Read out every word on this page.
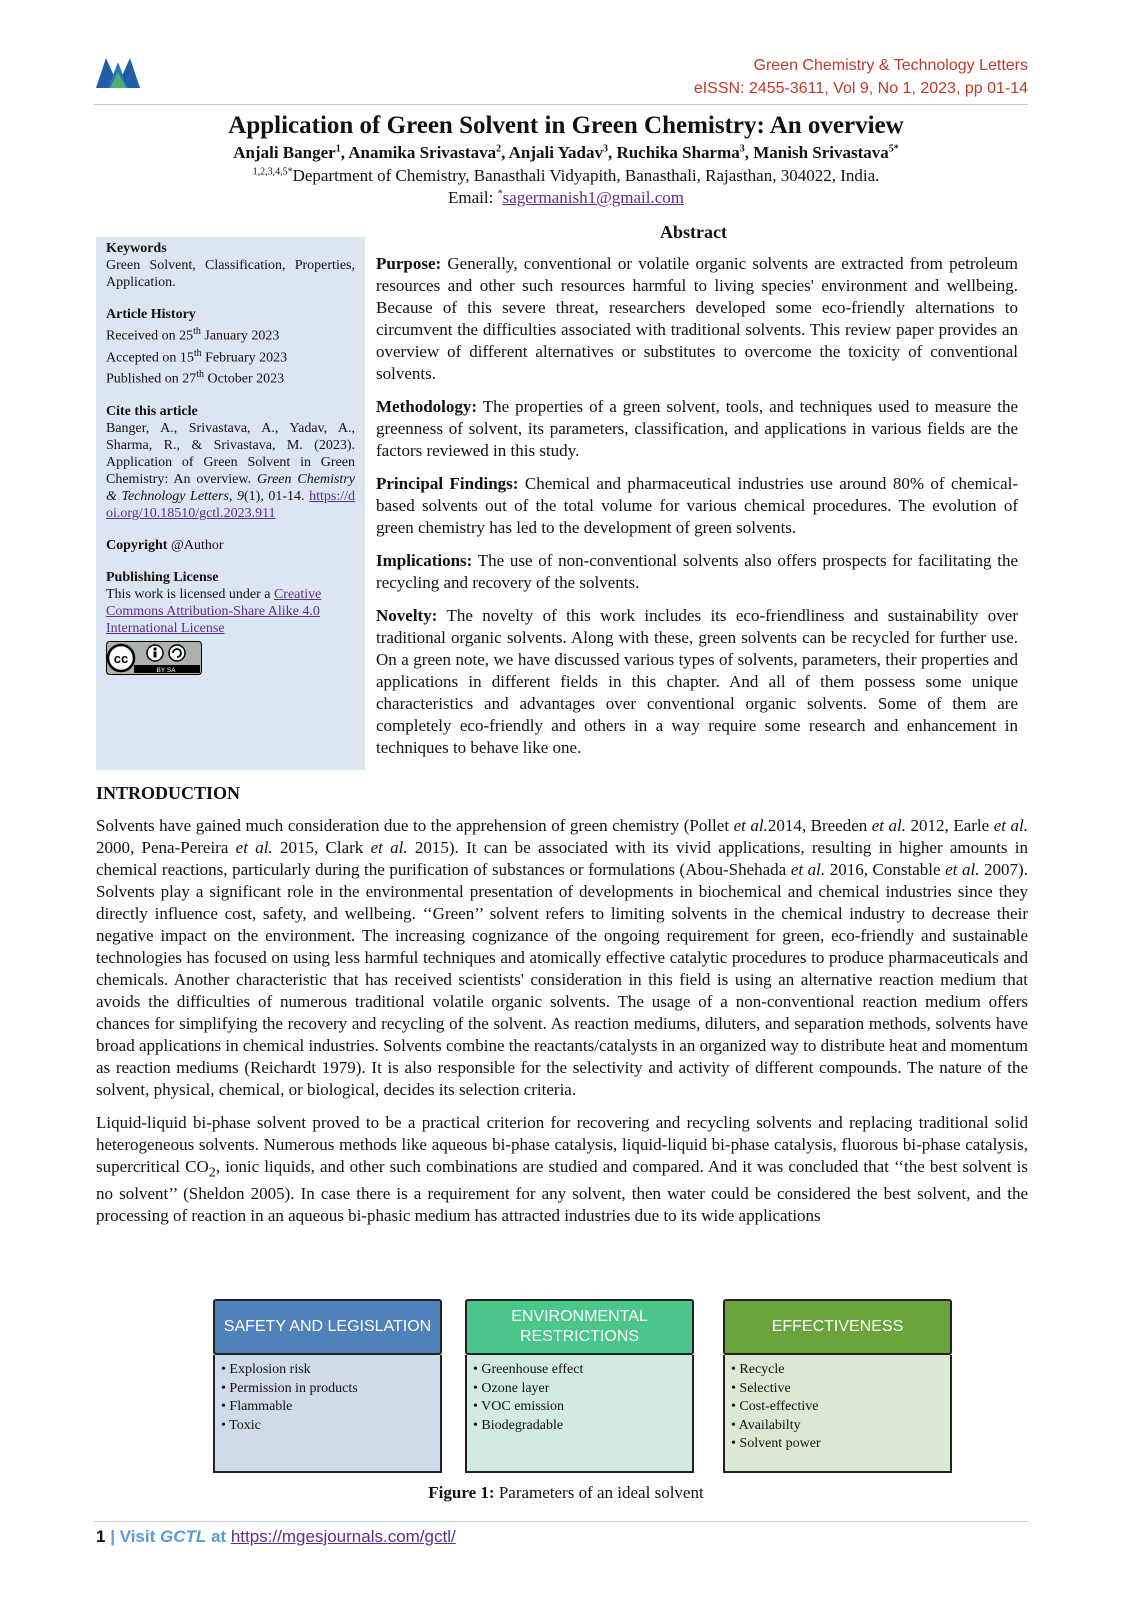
Green Chemistry & Technology Letters
eISSN: 2455-3611, Vol 9, No 1, 2023, pp 01-14
Application of Green Solvent in Green Chemistry: An overview
Anjali Banger$^1$, Anamika Srivastava$^2$, Anjali Yadav$^3$, Ruchika Sharma$^3$, Manish Srivastava$^{5*}$
$^{1,2,3,4,5*}$Department of Chemistry, Banasthali Vidyapith, Banasthali, Rajasthan, 304022, India.
Email: *sagermanish1@gmail.com
Keywords
Green Solvent, Classification, Properties, Application.
Article History
Received on 25th January 2023
Accepted on 15th February 2023
Published on 27th October 2023
Cite this article
Banger, A., Srivastava, A., Yadav, A., Sharma, R., & Srivastava, M. (2023). Application of Green Solvent in Green Chemistry: An overview. Green Chemistry & Technology Letters, 9(1), 01-14. https://doi.org/10.18510/gctl.2023.911
Copyright @Author
Publishing License
This work is licensed under a Creative Commons Attribution-Share Alike 4.0 International License
cc
BY SA
Abstract

Purpose: Generally, conventional or volatile organic solvents are extracted from petroleum resources and other such resources harmful to living species' environment and wellbeing. Because of this severe threat, researchers developed some eco-friendly alternations to circumvent the difficulties associated with traditional solvents. This review paper provides an overview of different alternatives or substitutes to overcome the toxicity of conventional solvents.

Methodology: The properties of a green solvent, tools, and techniques used to measure the greenness of solvent, its parameters, classification, and applications in various fields are the factors reviewed in this study.

Principal Findings: Chemical and pharmaceutical industries use around 80% of chemical-based solvents out of the total volume for various chemical procedures. The evolution of green chemistry has led to the development of green solvents.

Implications: The use of non-conventional solvents also offers prospects for facilitating the recycling and recovery of the solvents.

Novelty: The novelty of this work includes its eco-friendliness and sustainability over traditional organic solvents. Along with these, green solvents can be recycled for further use. On a green note, we have discussed various types of solvents, parameters, their properties and applications in different fields in this chapter. And all of them possess some unique characteristics and advantages over conventional organic solvents. Some of them are completely eco-friendly and others in a way require some research and enhancement in techniques to behave like one.

INTRODUCTION

Solvents have gained much consideration due to the apprehension of green chemistry (Pollet et al.2014, Breeden et al. 2012, Earle et al. 2000, Pena-Pereira et al. 2015, Clark et al. 2015). It can be associated with its vivid applications, resulting in higher amounts in chemical reactions, particularly during the purification of substances or formulations (Abou-Shehada et al. 2016, Constable et al. 2007). Solvents play a significant role in the environmental presentation of developments in biochemical and chemical industries since they directly influence cost, safety, and wellbeing. ‘‘Green’’ solvent refers to limiting solvents in the chemical industry to decrease their negative impact on the environment. The increasing cognizance of the ongoing requirement for green, eco-friendly and sustainable technologies has focused on using less harmful techniques and atomically effective catalytic procedures to produce pharmaceuticals and chemicals. Another characteristic that has received scientists' consideration in this field is using an alternative reaction medium that avoids the difficulties of numerous traditional volatile organic solvents. The usage of a non-conventional reaction medium offers chances for simplifying the recovery and recycling of the solvent. As reaction mediums, diluters, and separation methods, solvents have broad applications in chemical industries. Solvents combine the reactants/catalysts in an organized way to distribute heat and momentum as reaction mediums (Reichardt 1979). It is also responsible for the selectivity and activity of different compounds. The nature of the solvent, physical, chemical, or biological, decides its selection criteria.

Liquid-liquid bi-phase solvent proved to be a practical criterion for recovering and recycling solvents and replacing traditional solid heterogeneous solvents. Numerous methods like aqueous bi-phase catalysis, liquid-liquid bi-phase catalysis, fluorous bi-phase catalysis, supercritical $CO_2$, ionic liquids, and other such combinations are studied and compared. And it was concluded that ‘‘the best solvent is no solvent’’ (Sheldon 2005). In case there is a requirement for any solvent, then water could be considered the best solvent, and the processing of reaction in an aqueous bi-phasic medium has attracted industries due to its wide applications

SAFETY AND LEGISLATION
• Explosion risk
• Permission in products
• Flammable
• Toxic
ENVIRONMENTAL RESTRICTIONS
• Greenhouse effect
• Ozone layer
• VOC emission
• Biodegradable
EFFECTIVENESS
• Recycle
• Selective
• Cost-effective
• Availabilty
• Solvent power
Figure 1: Parameters of an ideal solvent
1 | Visit GCTL at https://mgesjournals.com/gctl/
